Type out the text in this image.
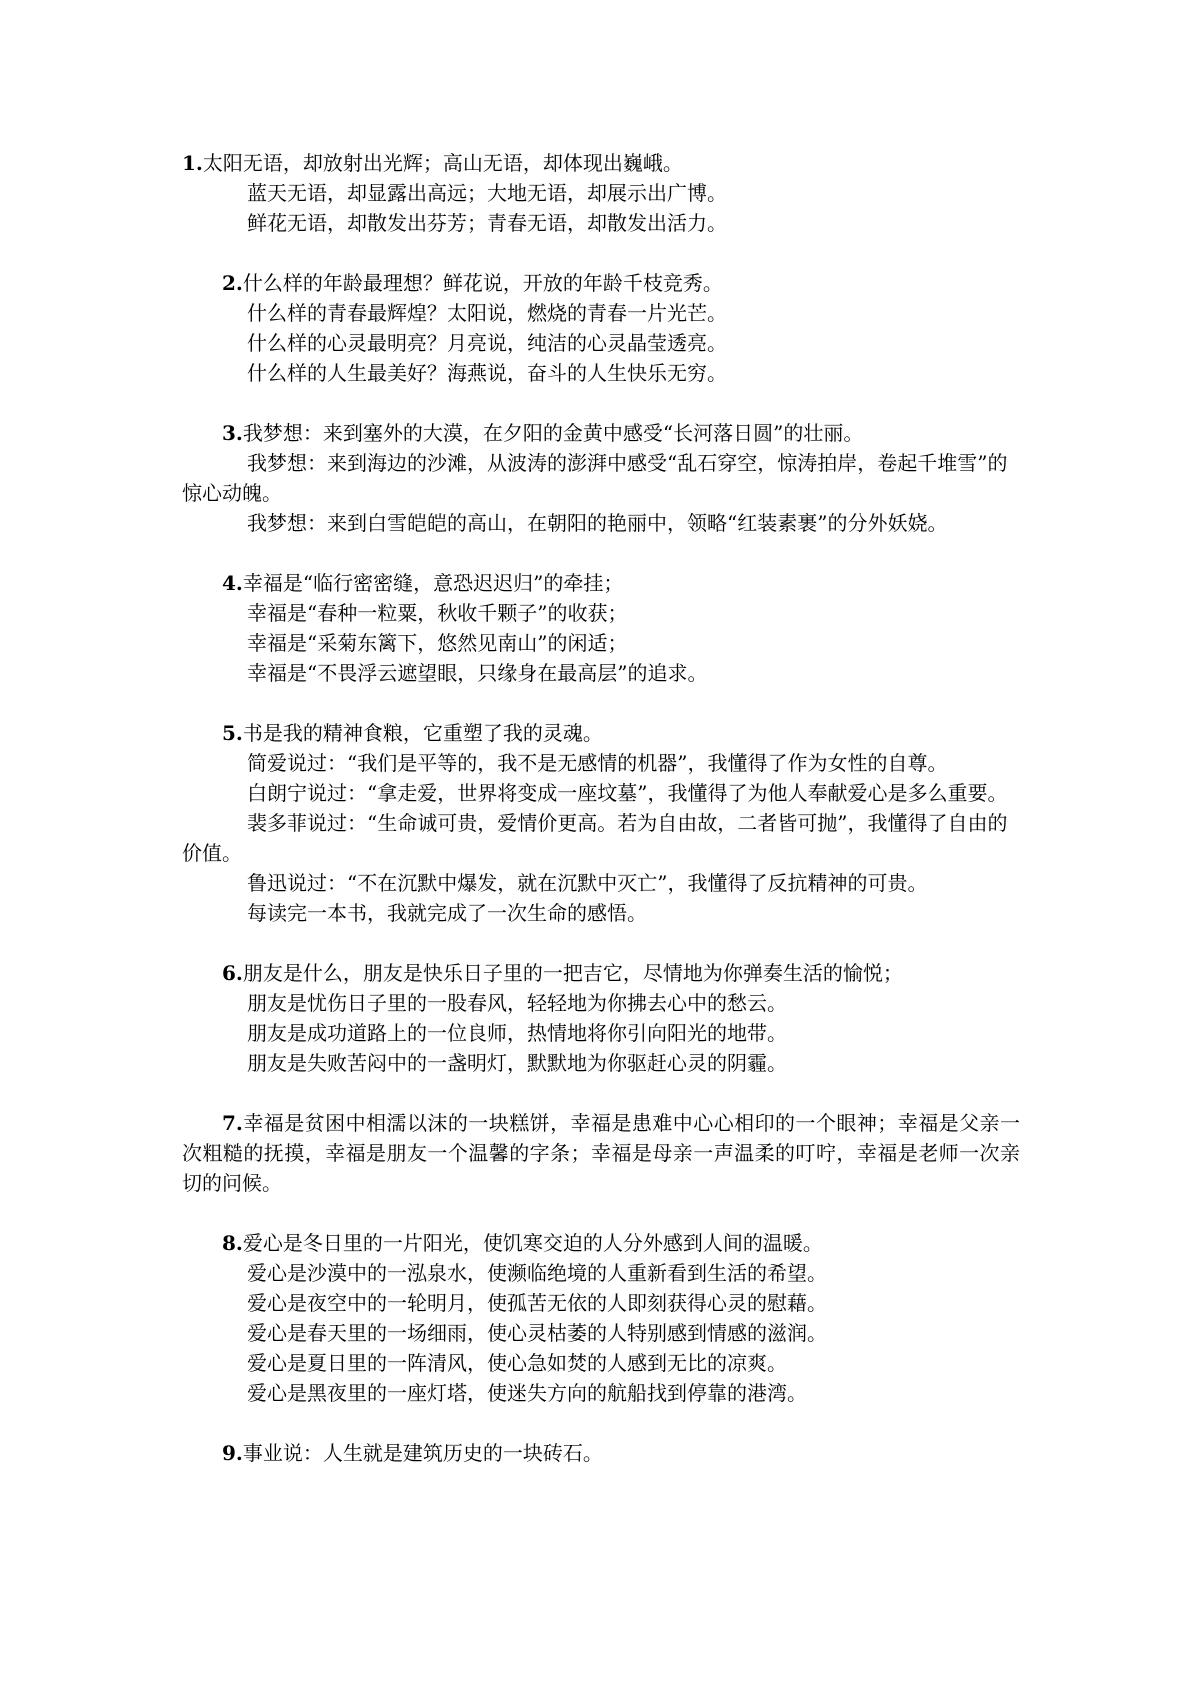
1.太阳无语，却放射出光辉；高山无语，却体现出巍峨。
蓝天无语，却显露出高远；大地无语，却展示出广博。
鲜花无语，却散发出芬芳；青春无语，却散发出活力。
2.什么样的年龄最理想？鲜花说，开放的年龄千枝竞秀。
什么样的青春最辉煌？太阳说，燃烧的青春一片光芒。
什么样的心灵最明亮？月亮说，纯洁的心灵晶莹透亮。
什么样的人生最美好？海燕说，奋斗的人生快乐无穷。
3.我梦想：来到塞外的大漠，在夕阳的金黄中感受“长河落日圆”的壮丽。
我梦想：来到海边的沙滩，从波涛的澎湃中感受“乱石穿空，惊涛拍岸，卷起千堆雪”的惊心动魄。
我梦想：来到白雪皑皑的高山，在朝阳的艳丽中，领略“红装素裹”的分外妖娆。
4.幸福是“临行密密缝，意恐迟迟归”的牵挂；
幸福是“春种一粒粟，秋收千颗子”的收获；
幸福是“采菊东篱下，悠然见南山”的闲适；
幸福是“不畏浮云遮望眼，只缘身在最高层”的追求。
5.书是我的精神食粮，它重塑了我的灵魂。
简爱说过：“我们是平等的，我不是无感情的机器”，我懂得了作为女性的自尊。
白朗宁说过：“拿走爱，世界将变成一座坟墓”，我懂得了为他人奉献爱心是多么重要。
裴多菲说过：“生命诚可贵，爱情价更高。若为自由故，二者皆可抛”，我懂得了自由的价值。
鲁迅说过：“不在沉默中爆发，就在沉默中灭亡”，我懂得了反抗精神的可贵。
每读完一本书，我就完成了一次生命的感悟。
6.朋友是什么，朋友是快乐日子里的一把吉它，尽情地为你弹奏生活的愉悦；
朋友是忧伤日子里的一股春风，轻轻地为你拂去心中的愁云。
朋友是成功道路上的一位良师，热情地将你引向阳光的地带。
朋友是失败苦闷中的一盏明灯，默默地为你驱赶心灵的阴霾。
7.幸福是贫困中相濡以沫的一块糕饼，幸福是患难中心心相印的一个眼神；幸福是父亲一次粗糙的抚摸，幸福是朋友一个温馨的字条；幸福是母亲一声温柔的叮咛，幸福是老师一次亲切的问候。
8.爱心是冬日里的一片阳光，使饥寒交迫的人分外感到人间的温暖。
爱心是沙漠中的一泓泉水，使濒临绝境的人重新看到生活的希望。
爱心是夜空中的一轮明月，使孤苦无依的人即刻获得心灵的慰藉。
爱心是春天里的一场细雨，使心灵枯萎的人特别感到情感的滋润。
爱心是夏日里的一阵清风，使心急如焚的人感到无比的凉爽。
爱心是黑夜里的一座灯塔，使迷失方向的航船找到停靠的港湾。
9.事业说：人生就是建筑历史的一块砖石。
